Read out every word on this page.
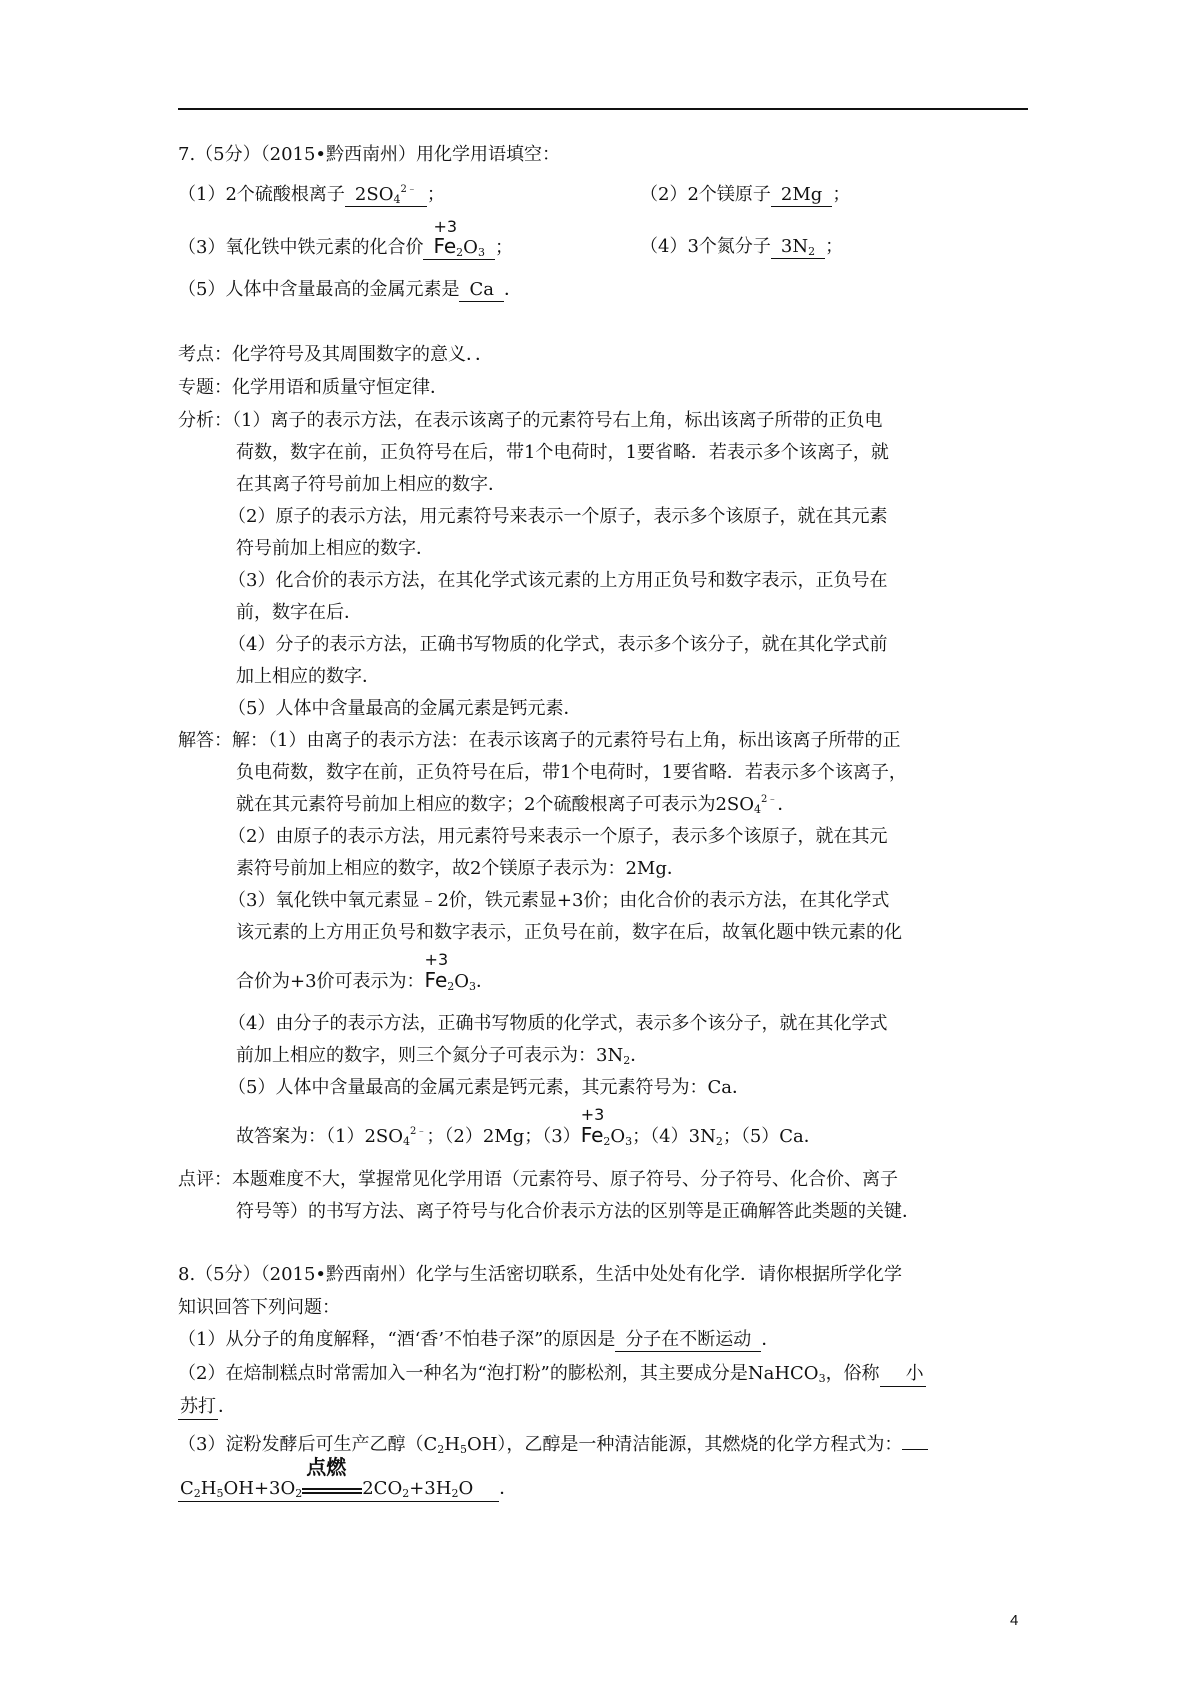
7.（5分）（2015•黔西南州）用化学用语填空：
（1）2个硫酸根离子 $2SO_4^{2﹣}$ ；	（2）2个镁原子 2Mg ；
（3）氧化铁中铁元素的化合价
+3
$Fe_2O_3$ ；	（4）3个氮分子 $3N_2$ ；
（5）人体中含量最高的金属元素是 Ca ．
考点：化学符号及其周围数字的意义．．
专题：化学用语和质量守恒定律．
分析：（1）离子的表示方法，在表示该离子的元素符号右上角，标出该离子所带的正负电
荷数，数字在前，正负符号在后，带1个电荷时，1要省略．若表示多个该离子，就
在其离子符号前加上相应的数字．
（2）原子的表示方法，用元素符号来表示一个原子，表示多个该原子，就在其元素
符号前加上相应的数字．
（3）化合价的表示方法，在其化学式该元素的上方用正负号和数字表示，正负号在
前，数字在后．
（4）分子的表示方法，正确书写物质的化学式，表示多个该分子，就在其化学式前
加上相应的数字．
（5）人体中含量最高的金属元素是钙元素．
解答：解：（1）由离子的表示方法：在表示该离子的元素符号右上角，标出该离子所带的正
负电荷数，数字在前，正负符号在后，带1个电荷时，1要省略．若表示多个该离子，
就在其元素符号前加上相应的数字；2个硫酸根离子可表示为$2SO_4^{2﹣}$．
（2）由原子的表示方法，用元素符号来表示一个原子，表示多个该原子，就在其元
素符号前加上相应的数字，故2个镁原子表示为：2Mg．
（3）氧化铁中氧元素显﹣2价，铁元素显+3价；由化合价的表示方法，在其化学式
该元素的上方用正负号和数字表示，正负号在前，数字在后，故氧化题中铁元素的化
合价为+3价可表示为：
+3
$Fe_2O_3$．
（4）由分子的表示方法，正确书写物质的化学式，表示多个该分子，就在其化学式
前加上相应的数字，则三个氮分子可表示为：$3N_2$．
（5）人体中含量最高的金属元素是钙元素，其元素符号为：Ca．
故答案为：$(1)2SO_4^{2﹣}$；（2）2Mg；（3）
+3
$Fe_2O_3$；$(4)3N_2$；（5）Ca．
点评：本题难度不大，掌握常见化学用语（元素符号、原子符号、分子符号、化合价、离子
符号等）的书写方法、离子符号与化合价表示方法的区别等是正确解答此类题的关键．
8.（5分）（2015•黔西南州）化学与生活密切联系，生活中处处有化学．请你根据所学化学
知识回答下列问题：
（1）从分子的角度解释，“酒‘香’不怕巷子深”的原因是 分子在不断运动 ．
（2）在焙制糕点时常需加入一种名为“泡打粉”的膨松剂，其主要成分是NaHCO$_3$，俗称 小
苏打 ．
（3）淀粉发酵后可生产乙醇$(C_2H_5OH)$，乙醇是一种清洁能源，其燃烧的化学方程式为：
$C_2H_5OH+3O_2$
点燃
$2CO_2+3H_2O$ ．
4
